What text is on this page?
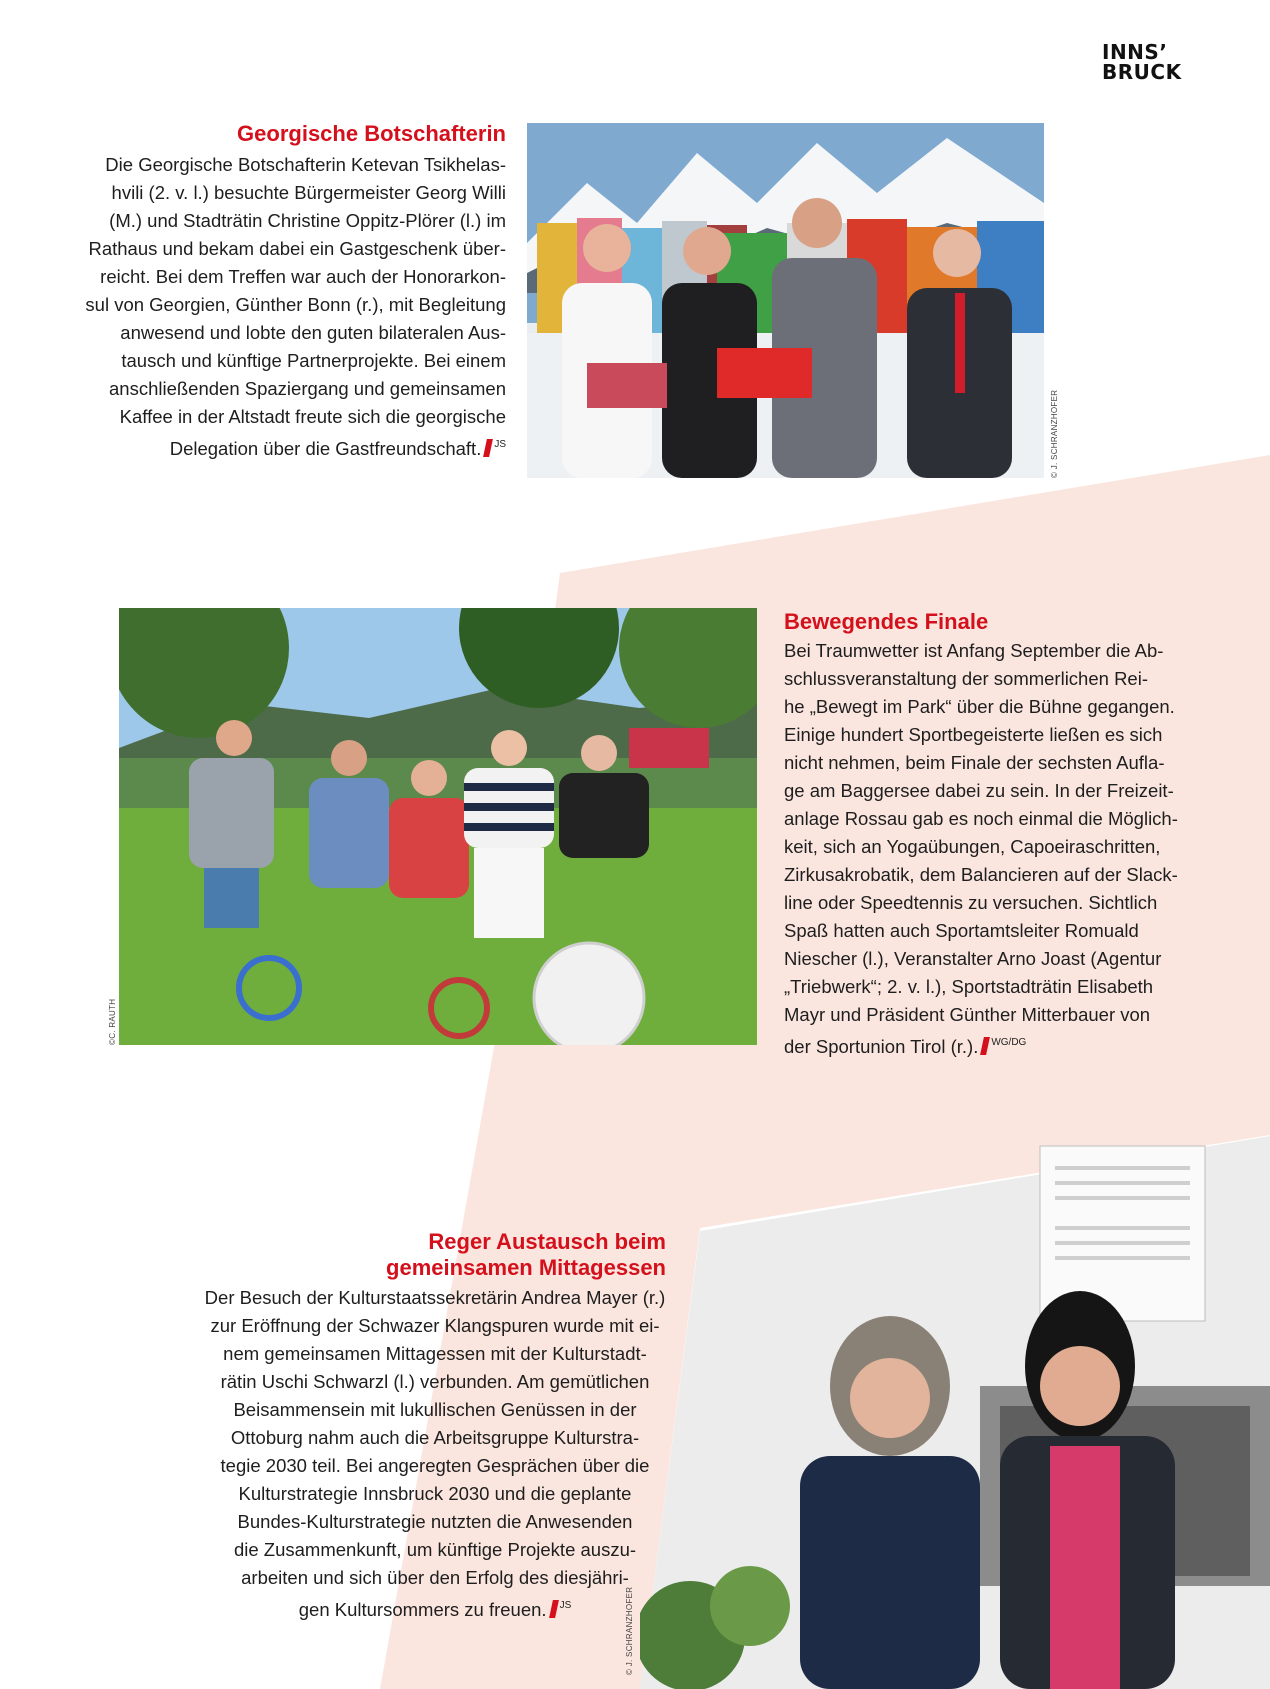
INNS’
BRUCK
Georgische Botschafterin
Die Georgische Botschafterin Ketevan Tsikhelas-
hvili (2. v. l.) besuchte Bürgermeister Georg Willi
(M.) und Stadträtin Christine Oppitz-Plörer (l.) im
Rathaus und bekam dabei ein Gastgeschenk über-
reicht. Bei dem Treffen war auch der Honorarkon-
sul von Georgien, Günther Bonn (r.), mit Begleitung
anwesend und lobte den guten bilateralen Aus-
tausch und künftige Partnerprojekte. Bei einem
anschließenden Spaziergang und gemeinsamen
Kaffee in der Altstadt freute sich die georgische
Delegation über die Gastfreundschaft. $^{JS}$	© J. SCHRANZHOFER
©C. RAUTH
Bewegendes Finale
Bei Traumwetter ist Anfang September die Ab-
schlussveranstaltung der sommerlichen Rei-
he „Bewegt im Park“ über die Bühne gegangen.
Einige hundert Sportbegeisterte ließen es sich
nicht nehmen, beim Finale der sechsten Aufla-
ge am Baggersee dabei zu sein. In der Freizeit-
anlage Rossau gab es noch einmal die Möglich-
keit, sich an Yogaübungen, Capoeiraschritten,
Zirkusakrobatik, dem Balancieren auf der Slack-
line oder Speedtennis zu versuchen. Sichtlich
Spaß hatten auch Sportamtsleiter Romuald
Niescher (l.), Veranstalter Arno Joast (Agentur
„Triebwerk“; 2. v. l.), Sportstadträtin Elisabeth
Mayr und Präsident Günther Mitterbauer von
der Sportunion Tirol (r.). $^{WG/DG}$
Reger Austausch beim
gemeinsamen Mittagessen
Der Besuch der Kulturstaatssekretärin Andrea Mayer (r.)
zur Eröffnung der Schwazer Klangspuren wurde mit ei-
nem gemeinsamen Mittagessen mit der Kulturstadt-
rätin Uschi Schwarzl (l.) verbunden. Am gemütlichen
Beisammensein mit lukullischen Genüssen in der
Ottoburg nahm auch die Arbeitsgruppe Kulturstra-
tegie 2030 teil. Bei angeregten Gesprächen über die
Kulturstrategie Innsbruck 2030 und die geplante
Bundes-Kulturstrategie nutzten die Anwesenden
die Zusammenkunft, um künftige Projekte auszu-
arbeiten und sich über den Erfolg des diesjähri-
gen Kultursommers zu freuen. $^{JS}$	© J. SCHRANZHOFER
